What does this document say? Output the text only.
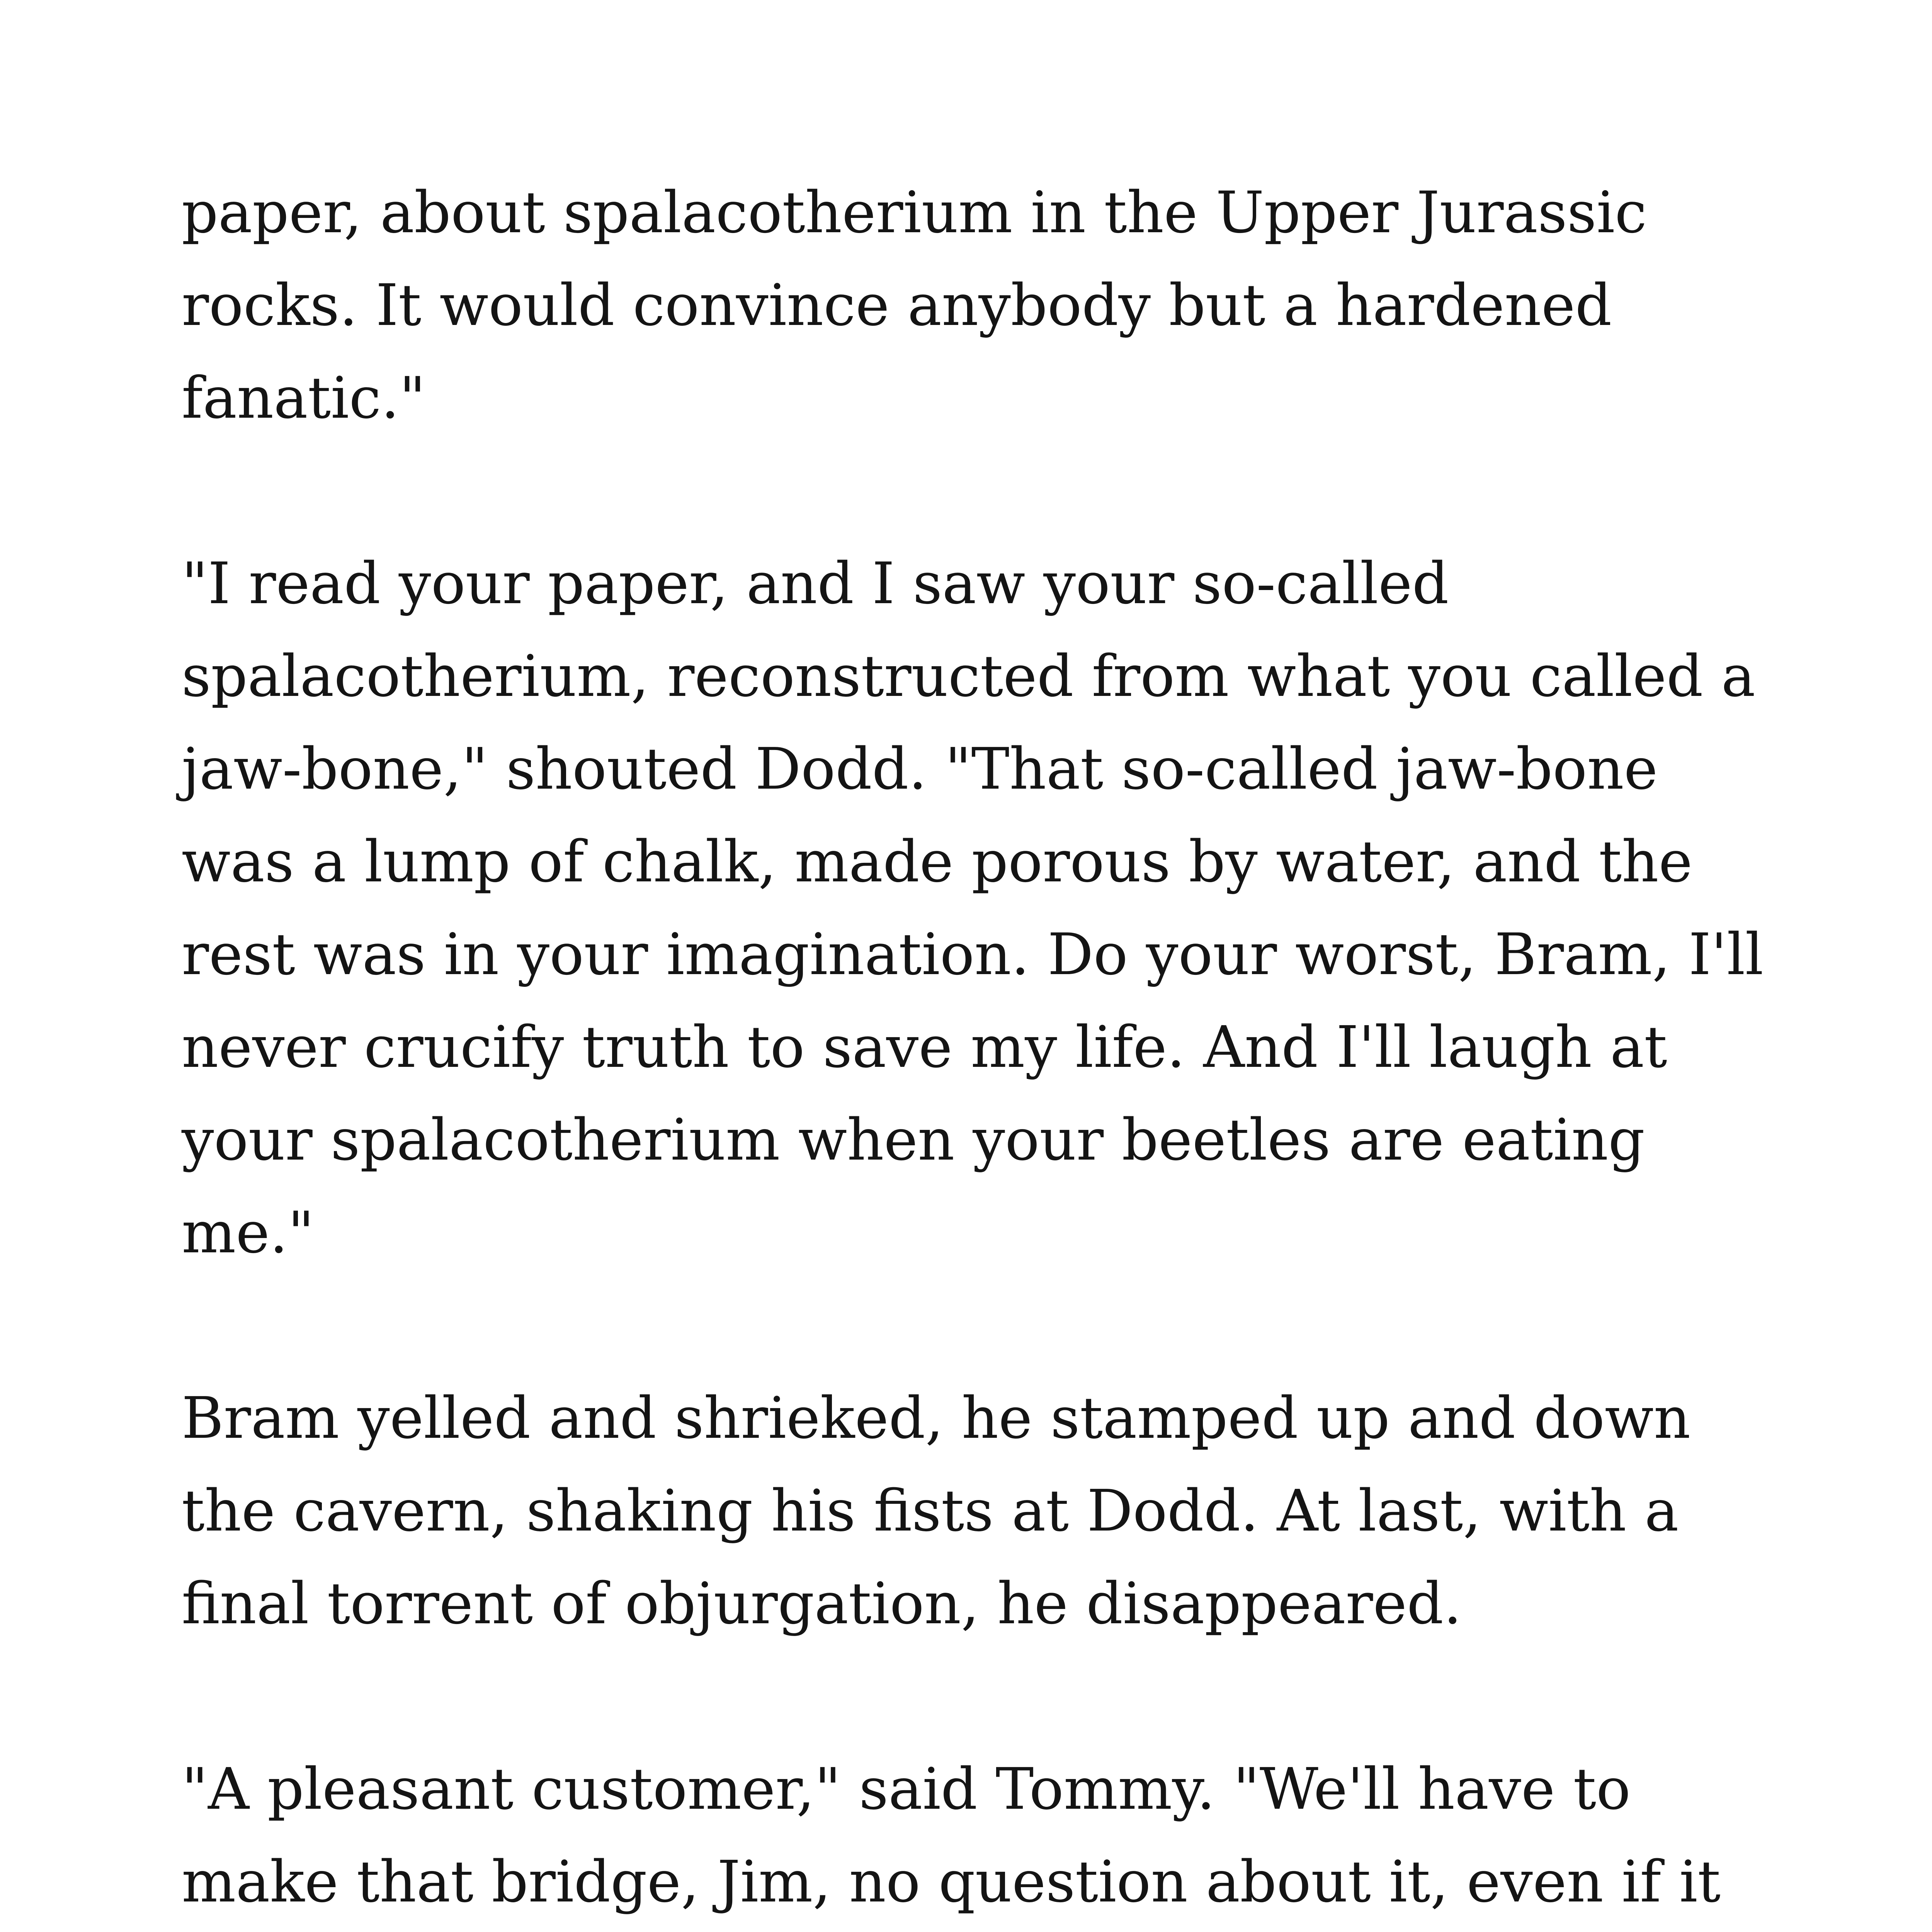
paper, about spalacotherium in the Upper Jurassic
rocks. It would convince anybody but a hardened
fanatic."

"I read your paper, and I saw your so-called
spalacotherium, reconstructed from what you called a
jaw-bone," shouted Dodd. "That so-called jaw-bone
was a lump of chalk, made porous by water, and the
rest was in your imagination. Do your worst, Bram, I'll
never crucify truth to save my life. And I'll laugh at
your spalacotherium when your beetles are eating
me."

Bram yelled and shrieked, he stamped up and down
the cavern, shaking his fists at Dodd. At last, with a
final torrent of objurgation, he disappeared.

"A pleasant customer," said Tommy. "We'll have to
make that bridge, Jim, no question about it, even if it
